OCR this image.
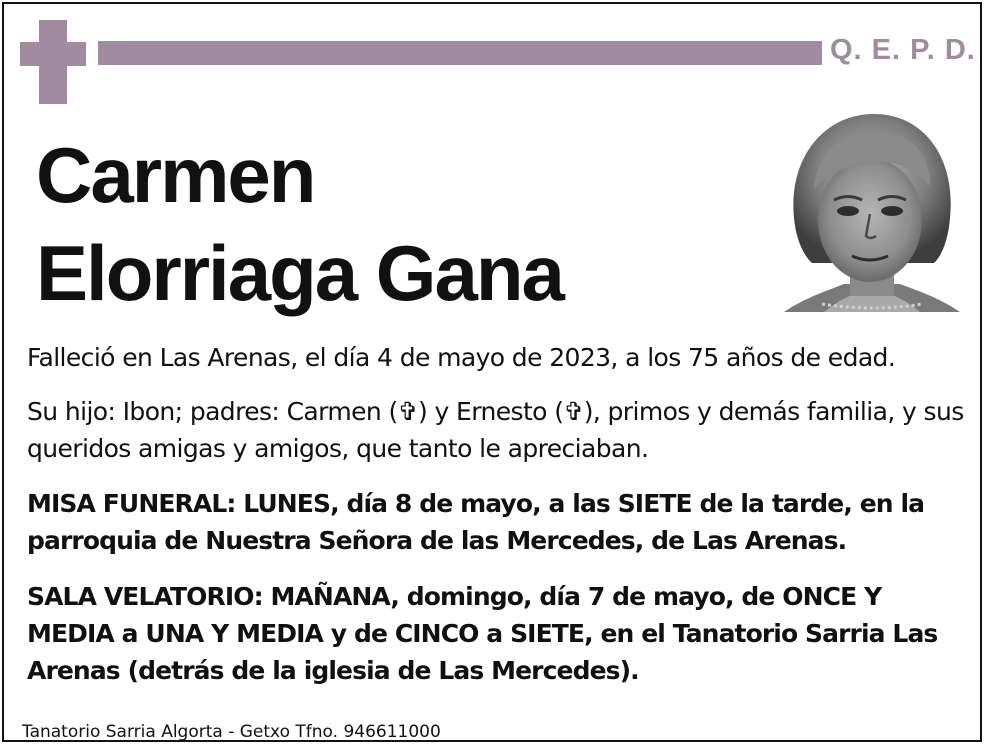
Q. E. P. D.
Carmen
Elorriaga Gana
Falleció en Las Arenas, el día 4 de mayo de 2023, a los 75 años de edad.
Su hijo: Ibon; padres: Carmen (✞) y Ernesto (✞), primos y demás familia, y sus queridos amigas y amigos, que tanto le apreciaban.
MISA FUNERAL: LUNES, día 8 de mayo, a las SIETE de la tarde, en la parroquia de Nuestra Señora de las Mercedes, de Las Arenas.
SALA VELATORIO: MAÑANA, domingo, día 7 de mayo, de ONCE Y MEDIA a UNA Y MEDIA y de CINCO a SIETE, en el Tanatorio Sarria Las Arenas (detrás de la iglesia de Las Mercedes).
Tanatorio Sarria Algorta - Getxo Tfno. 946611000
